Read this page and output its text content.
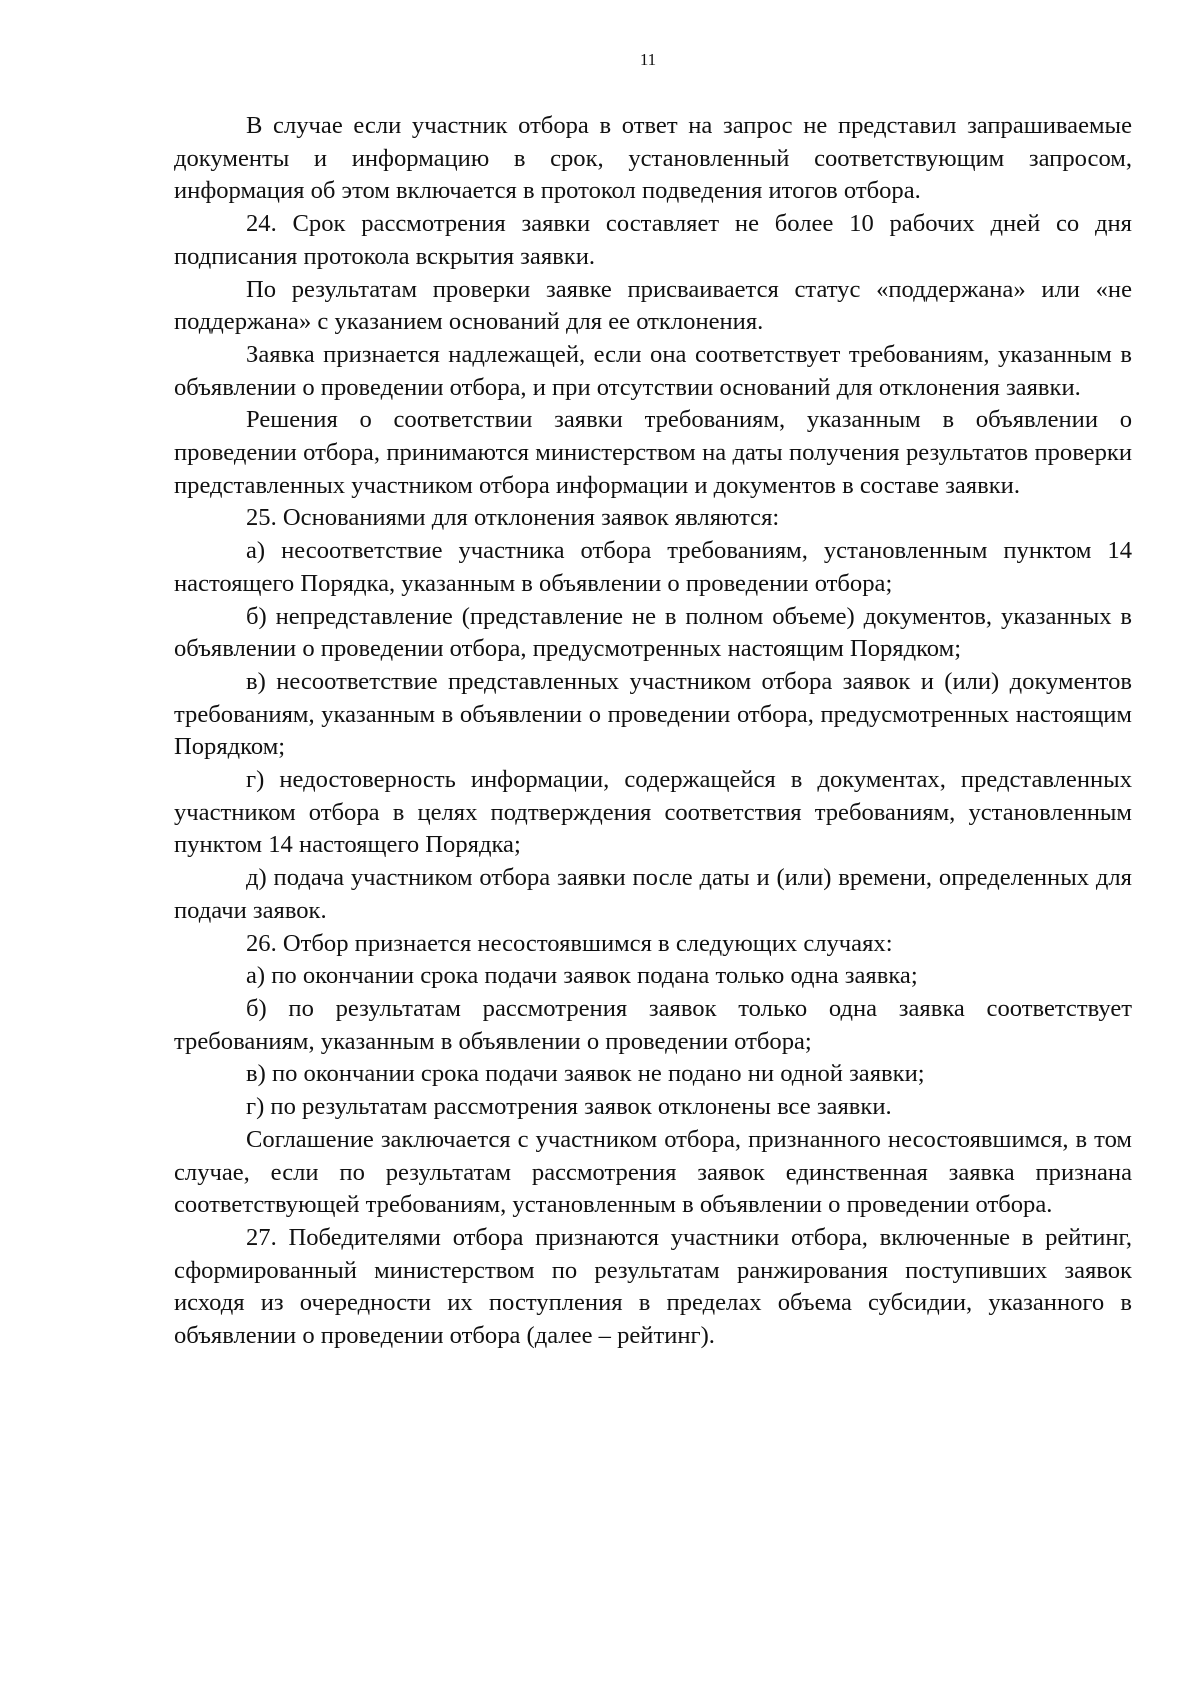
11

В случае если участник отбора в ответ на запрос не представил запрашиваемые документы и информацию в срок, установленный соответствующим запросом, информация об этом включается в протокол подведения итогов отбора.

24. Срок рассмотрения заявки составляет не более 10 рабочих дней со дня подписания протокола вскрытия заявки.

По результатам проверки заявке присваивается статус «поддержана» или «не поддержана» с указанием оснований для ее отклонения.

Заявка признается надлежащей, если она соответствует требованиям, указанным в объявлении о проведении отбора, и при отсутствии оснований для отклонения заявки.

Решения о соответствии заявки требованиям, указанным в объявлении о проведении отбора, принимаются министерством на даты получения результатов проверки представленных участником отбора информации и документов в составе заявки.

25. Основаниями для отклонения заявок являются:

а) несоответствие участника отбора требованиям, установленным пунктом 14 настоящего Порядка, указанным в объявлении о проведении отбора;

б) непредставление (представление не в полном объеме) документов, указанных в объявлении о проведении отбора, предусмотренных настоящим Порядком;

в) несоответствие представленных участником отбора заявок и (или) документов требованиям, указанным в объявлении о проведении отбора, предусмотренных настоящим Порядком;

г) недостоверность информации, содержащейся в документах, представленных участником отбора в целях подтверждения соответствия требованиям, установленным пунктом 14 настоящего Порядка;

д) подача участником отбора заявки после даты и (или) времени, определенных для подачи заявок.

26. Отбор признается несостоявшимся в следующих случаях:

а) по окончании срока подачи заявок подана только одна заявка;

б) по результатам рассмотрения заявок только одна заявка соответствует требованиям, указанным в объявлении о проведении отбора;

в) по окончании срока подачи заявок не подано ни одной заявки;

г) по результатам рассмотрения заявок отклонены все заявки.

Соглашение заключается с участником отбора, признанного несостоявшимся, в том случае, если по результатам рассмотрения заявок единственная заявка признана соответствующей требованиям, установленным в объявлении о проведении отбора.

27. Победителями отбора признаются участники отбора, включенные в рейтинг, сформированный министерством по результатам ранжирования поступивших заявок исходя из очередности их поступления в пределах объема субсидии, указанного в объявлении о проведении отбора (далее – рейтинг).
